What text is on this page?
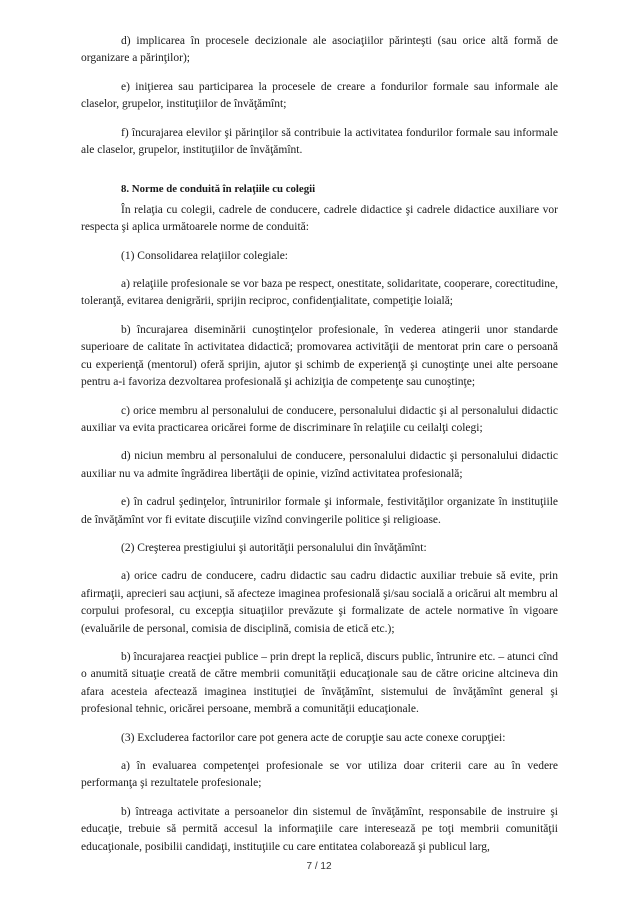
d) implicarea în procesele decizionale ale asociaţiilor părinteşti (sau orice altă formă de organizare a părinţilor);

e) iniţierea sau participarea la procesele de creare a fondurilor formale sau informale ale claselor, grupelor, instituţiilor de învăţămînt;

f) încurajarea elevilor şi părinţilor să contribuie la activitatea fondurilor formale sau informale ale claselor, grupelor, instituţiilor de învăţămînt.

8. Norme de conduită în relaţiile cu colegii

În relaţia cu colegii, cadrele de conducere, cadrele didactice şi cadrele didactice auxiliare vor respecta şi aplica următoarele norme de conduită:

(1) Consolidarea relaţiilor colegiale:

a) relaţiile profesionale se vor baza pe respect, onestitate, solidaritate, cooperare, corectitudine, toleranţă, evitarea denigrării, sprijin reciproc, confidenţialitate, competiţie loială;

b) încurajarea diseminării cunoştinţelor profesionale, în vederea atingerii unor standarde superioare de calitate în activitatea didactică; promovarea activităţii de mentorat prin care o persoană cu experienţă (mentorul) oferă sprijin, ajutor şi schimb de experienţă şi cunoştinţe unei alte persoane pentru a-i favoriza dezvoltarea profesională şi achiziţia de competenţe sau cunoştinţe;

c) orice membru al personalului de conducere, personalului didactic şi al personalului didactic auxiliar va evita practicarea oricărei forme de discriminare în relaţiile cu ceilalţi colegi;

d) niciun membru al personalului de conducere, personalului didactic şi personalului didactic auxiliar nu va admite îngrădirea libertăţii de opinie, vizînd activitatea profesională;

e) în cadrul şedinţelor, întrunirilor formale şi informale, festivităţilor organizate în instituţiile de învăţămînt vor fi evitate discuţiile vizînd convingerile politice şi religioase.

(2) Creşterea prestigiului şi autorităţii personalului din învăţămînt:

a) orice cadru de conducere, cadru didactic sau cadru didactic auxiliar trebuie să evite, prin afirmaţii, aprecieri sau acţiuni, să afecteze imaginea profesională şi/sau socială a oricărui alt membru al corpului profesoral, cu excepţia situaţiilor prevăzute şi formalizate de actele normative în vigoare (evaluările de personal, comisia de disciplină, comisia de etică etc.);

b) încurajarea reacţiei publice – prin drept la replică, discurs public, întrunire etc. – atunci cînd o anumită situaţie creată de către membrii comunităţii educaţionale sau de către oricine altcineva din afara acesteia afectează imaginea instituţiei de învăţămînt, sistemului de învăţămînt general şi profesional tehnic, oricărei persoane, membră a comunităţii educaţionale.

(3) Excluderea factorilor care pot genera acte de corupţie sau acte conexe corupţiei:

a) în evaluarea competenţei profesionale se vor utiliza doar criterii care au în vedere performanţa şi rezultatele profesionale;

b) întreaga activitate a persoanelor din sistemul de învăţămînt, responsabile de instruire şi educaţie, trebuie să permită accesul la informaţiile care interesează pe toţi membrii comunităţii educaţionale, posibilii candidaţi, instituţiile cu care entitatea colaborează şi publicul larg,

7 / 12
